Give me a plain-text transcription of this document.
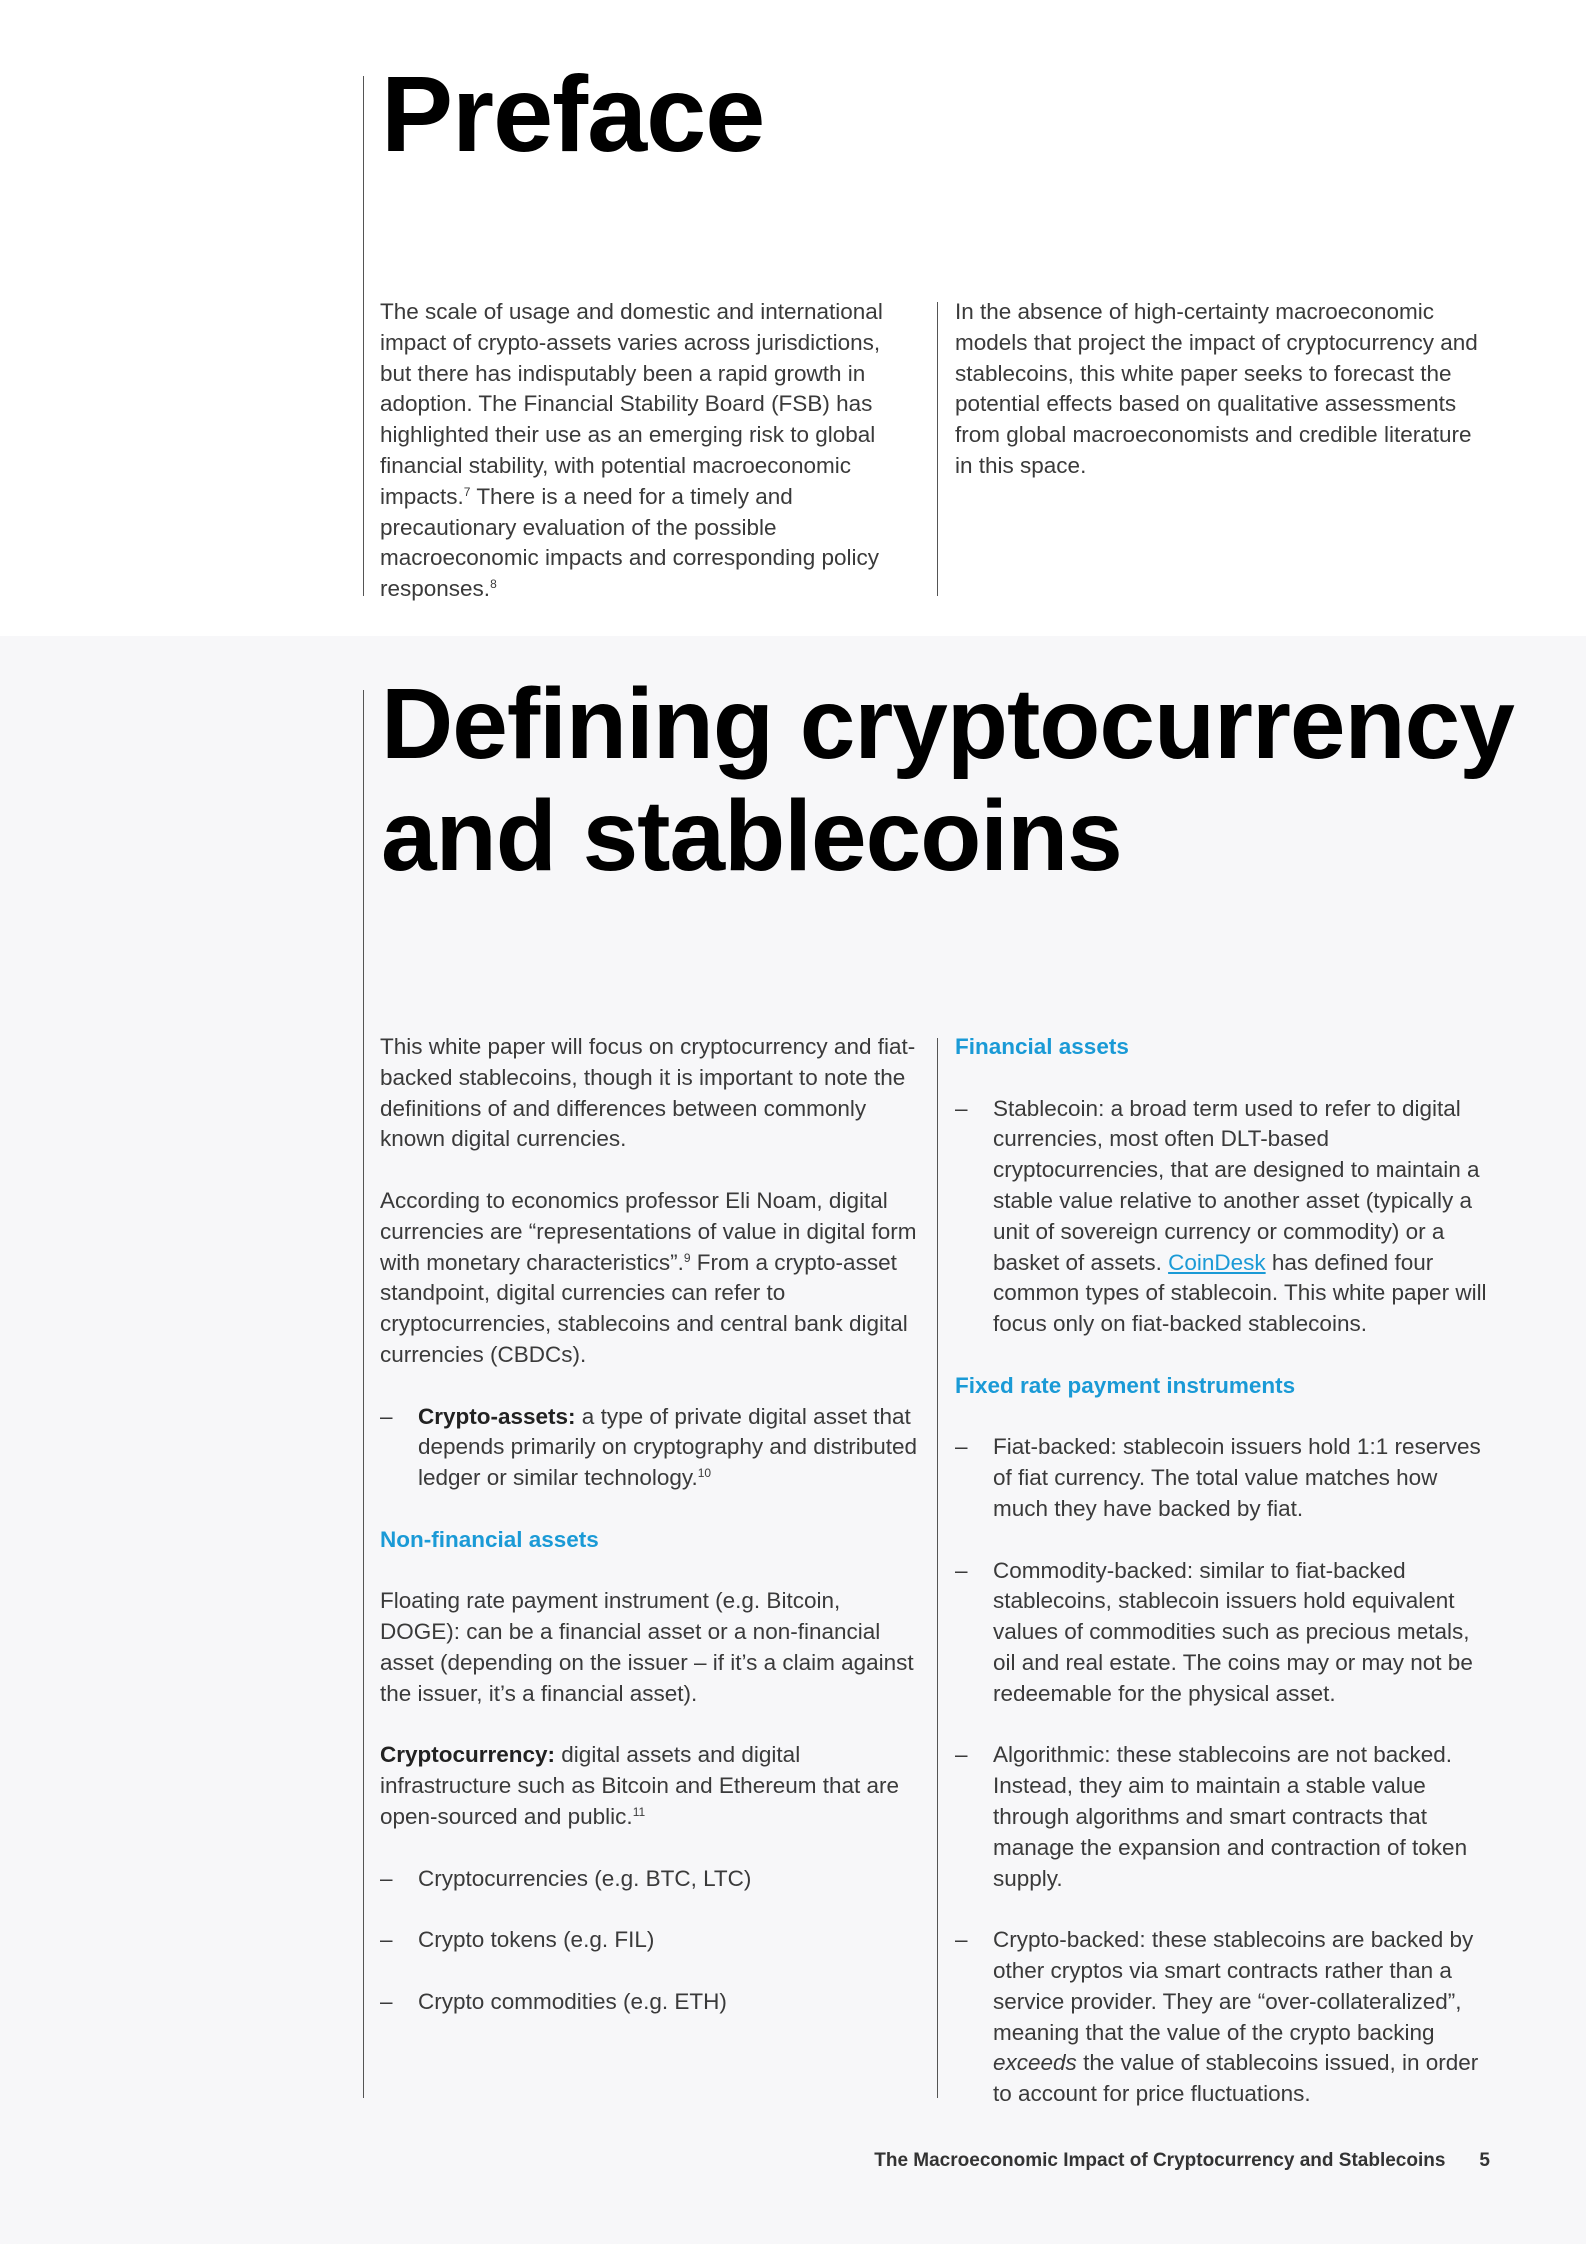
Preface

The scale of usage and domestic and international impact of crypto-assets varies across jurisdictions, but there has indisputably been a rapid growth in adoption. The Financial Stability Board (FSB) has highlighted their use as an emerging risk to global financial stability, with potential macroeconomic impacts.$^7$ There is a need for a timely and precautionary evaluation of the possible macroeconomic impacts and corresponding policy responses.$^8$

In the absence of high-certainty macroeconomic models that project the impact of cryptocurrency and stablecoins, this white paper seeks to forecast the potential effects based on qualitative assessments from global macroeconomists and credible literature in this space.

Defining cryptocurrency
and stablecoins

This white paper will focus on cryptocurrency and fiat-backed stablecoins, though it is important to note the definitions of and differences between commonly known digital currencies.

According to economics professor Eli Noam, digital currencies are “representations of value in digital form with monetary characteristics”.$^9$ From a crypto-asset standpoint, digital currencies can refer to cryptocurrencies, stablecoins and central bank digital currencies (CBDCs).

– Crypto-assets: a type of private digital asset that depends primarily on cryptography and distributed ledger or similar technology.$^{10}$

Non-financial assets

Floating rate payment instrument (e.g. Bitcoin, DOGE): can be a financial asset or a non-financial asset (depending on the issuer – if it’s a claim against the issuer, it’s a financial asset).

Cryptocurrency: digital assets and digital infrastructure such as Bitcoin and Ethereum that are open-sourced and public.$^{11}$

– Cryptocurrencies (e.g. BTC, LTC)

– Crypto tokens (e.g. FIL)

– Crypto commodities (e.g. ETH)

Financial assets

– Stablecoin: a broad term used to refer to digital currencies, most often DLT-based cryptocurrencies, that are designed to maintain a stable value relative to another asset (typically a unit of sovereign currency or commodity) or a basket of assets. CoinDesk has defined four common types of stablecoin. This white paper will focus only on fiat-backed stablecoins.

Fixed rate payment instruments

– Fiat-backed: stablecoin issuers hold 1:1 reserves of fiat currency. The total value matches how much they have backed by fiat.

– Commodity-backed: similar to fiat-backed stablecoins, stablecoin issuers hold equivalent values of commodities such as precious metals, oil and real estate. The coins may or may not be redeemable for the physical asset.

– Algorithmic: these stablecoins are not backed. Instead, they aim to maintain a stable value through algorithms and smart contracts that manage the expansion and contraction of token supply.

– Crypto-backed: these stablecoins are backed by other cryptos via smart contracts rather than a service provider. They are “over-collateralized”, meaning that the value of the crypto backing exceeds the value of stablecoins issued, in order to account for price fluctuations.

The Macroeconomic Impact of Cryptocurrency and Stablecoins 5
